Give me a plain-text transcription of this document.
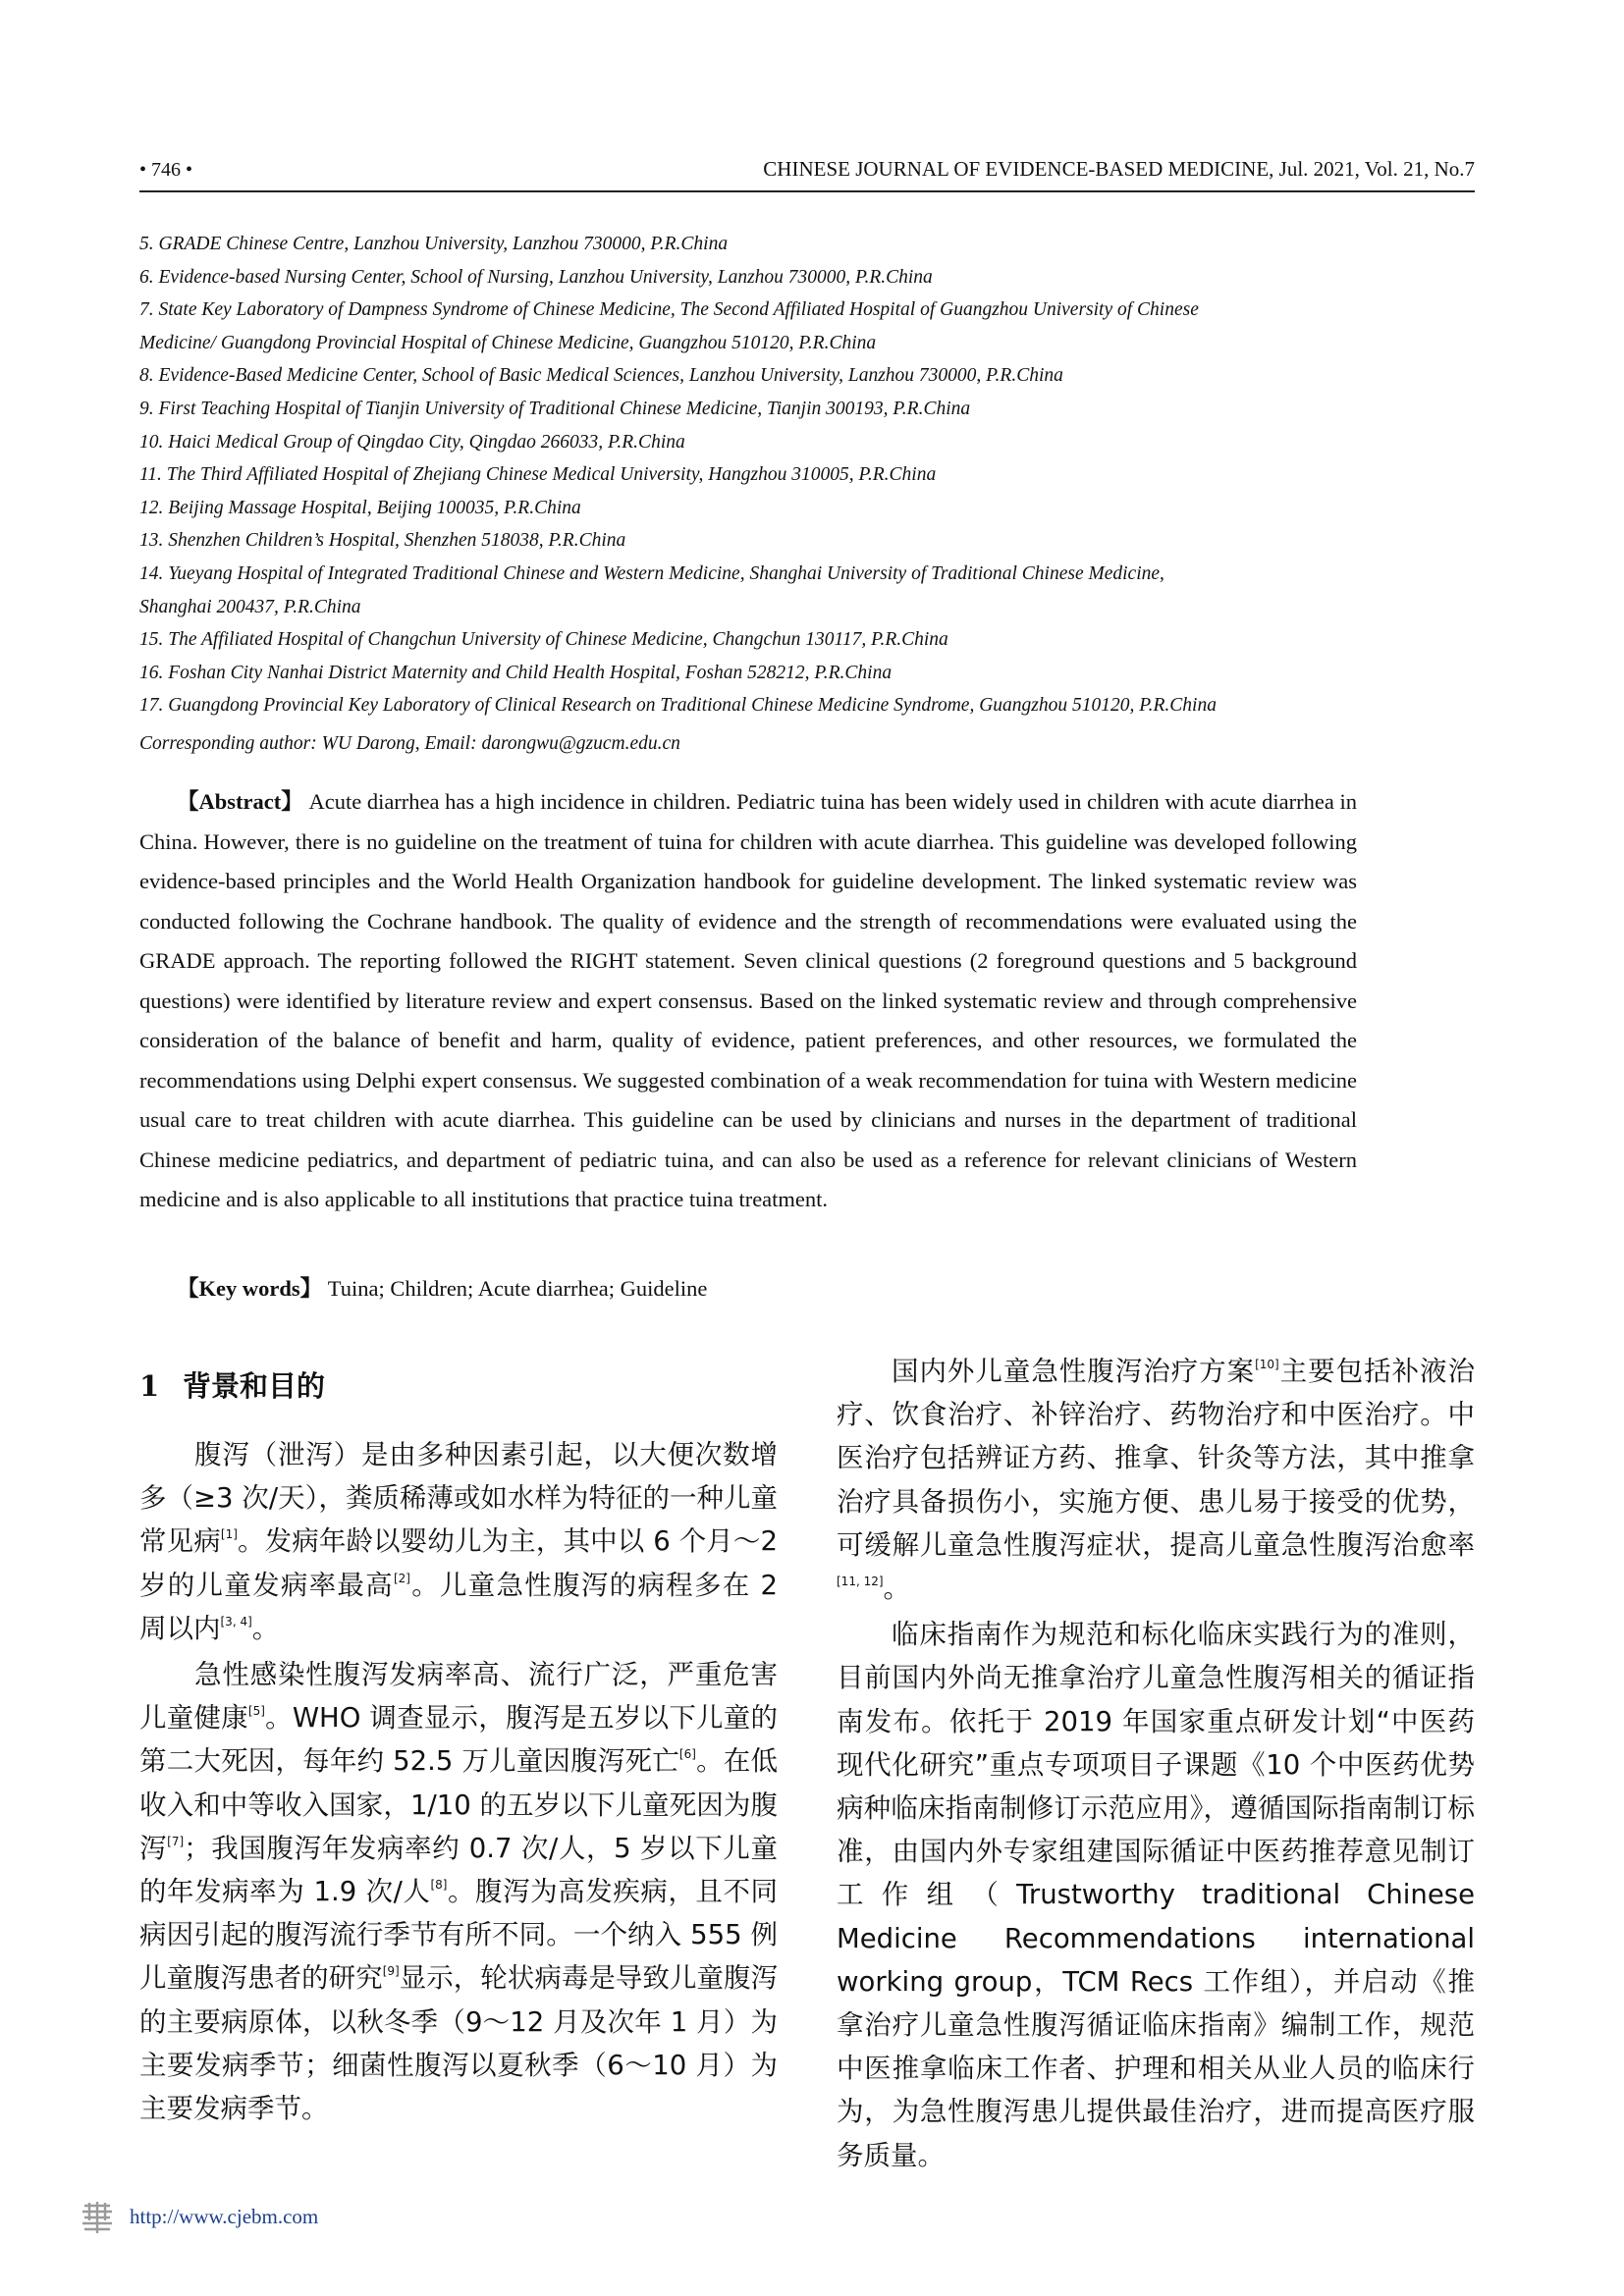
• 746 •	CHINESE JOURNAL OF EVIDENCE-BASED MEDICINE, Jul. 2021, Vol. 21, No.7
5. GRADE Chinese Centre, Lanzhou University, Lanzhou 730000, P.R.China
6. Evidence-based Nursing Center, School of Nursing, Lanzhou University, Lanzhou 730000, P.R.China
7. State Key Laboratory of Dampness Syndrome of Chinese Medicine, The Second Affiliated Hospital of Guangzhou University of Chinese
Medicine/ Guangdong Provincial Hospital of Chinese Medicine, Guangzhou 510120, P.R.China
8. Evidence-Based Medicine Center, School of Basic Medical Sciences, Lanzhou University, Lanzhou 730000, P.R.China
9. First Teaching Hospital of Tianjin University of Traditional Chinese Medicine, Tianjin 300193, P.R.China
10. Haici Medical Group of Qingdao City, Qingdao 266033, P.R.China
11. The Third Affiliated Hospital of Zhejiang Chinese Medical University, Hangzhou 310005, P.R.China
12. Beijing Massage Hospital, Beijing 100035, P.R.China
13. Shenzhen Children’s Hospital, Shenzhen 518038, P.R.China
14. Yueyang Hospital of Integrated Traditional Chinese and Western Medicine, Shanghai University of Traditional Chinese Medicine,
Shanghai 200437, P.R.China
15. The Affiliated Hospital of Changchun University of Chinese Medicine, Changchun 130117, P.R.China
16. Foshan City Nanhai District Maternity and Child Health Hospital, Foshan 528212, P.R.China
17. Guangdong Provincial Key Laboratory of Clinical Research on Traditional Chinese Medicine Syndrome, Guangzhou 510120, P.R.China
Corresponding author: WU Darong, Email: darongwu@gzucm.edu.cn

【Abstract】 Acute diarrhea has a high incidence in children. Pediatric tuina has been widely used in children with acute diarrhea in China. However, there is no guideline on the treatment of tuina for children with acute diarrhea. This guideline was developed following evidence-based principles and the World Health Organization handbook for guideline development. The linked systematic review was conducted following the Cochrane handbook. The quality of evidence and the strength of recommendations were evaluated using the GRADE approach. The reporting followed the RIGHT statement. Seven clinical questions (2 foreground questions and 5 background questions) were identified by literature review and expert consensus. Based on the linked systematic review and through comprehensive consideration of the balance of benefit and harm, quality of evidence, patient preferences, and other resources, we formulated the recommendations using Delphi expert consensus. We suggested combination of a weak recommendation for tuina with Western medicine usual care to treat children with acute diarrhea. This guideline can be used by clinicians and nurses in the department of traditional Chinese medicine pediatrics, and department of pediatric tuina, and can also be used as a reference for relevant clinicians of Western medicine and is also applicable to all institutions that practice tuina treatment.

【Key words】 Tuina; Children; Acute diarrhea; Guideline
1 背景和目的

腹泻（泄泻）是由多种因素引起，以大便次数增多（≥3 次/天），粪质稀薄或如水样为特征的一种儿童常见病[1]。发病年龄以婴幼儿为主，其中以 6 个月～2 岁的儿童发病率最高[2]。儿童急性腹泻的病程多在 2 周以内[3, 4]。

急性感染性腹泻发病率高、流行广泛，严重危害儿童健康[5]。WHO 调查显示，腹泻是五岁以下儿童的第二大死因，每年约 52.5 万儿童因腹泻死亡[6]。在低收入和中等收入国家，1/10 的五岁以下儿童死因为腹泻[7]；我国腹泻年发病率约 0.7 次/人，5 岁以下儿童的年发病率为 1.9 次/人[8]。腹泻为高发疾病，且不同病因引起的腹泻流行季节有所不同。一个纳入 555 例儿童腹泻患者的研究[9]显示，轮状病毒是导致儿童腹泻的主要病原体，以秋冬季（9～12 月及次年 1 月）为主要发病季节；细菌性腹泻以夏秋季（6～10 月）为主要发病季节。

国内外儿童急性腹泻治疗方案[10]主要包括补液治疗、饮食治疗、补锌治疗、药物治疗和中医治疗。中医治疗包括辨证方药、推拿、针灸等方法，其中推拿治疗具备损伤小，实施方便、患儿易于接受的优势，可缓解儿童急性腹泻症状，提高儿童急性腹泻治愈率[11, 12]。

临床指南作为规范和标化临床实践行为的准则，目前国内外尚无推拿治疗儿童急性腹泻相关的循证指南发布。依托于 2019 年国家重点研发计划“中医药现代化研究”重点专项项目子课题《10 个中医药优势病种临床指南制修订示范应用》，遵循国际指南制订标准，由国内外专家组建国际循证中医药推荐意见制订工作组（Trustworthy traditional Chinese Medicine Recommendations international working group，TCM Recs 工作组），并启动《推拿治疗儿童急性腹泻循证临床指南》编制工作，规范中医推拿临床工作者、护理和相关从业人员的临床行为，为急性腹泻患儿提供最佳治疗，进而提高医疗服务质量。

http://www.cjebm.com
